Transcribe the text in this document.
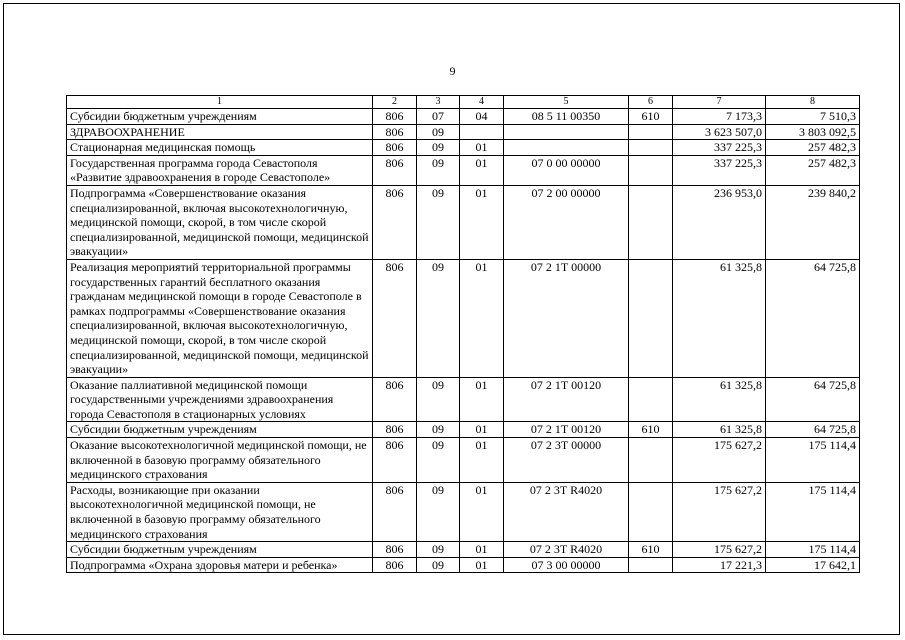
9
1	2	3	4	5	6	7	8
Субсидии бюджетным учреждениям	806	07	04	08 5 11 00350	610	7 173,3	7 510,3
ЗДРАВООХРАНЕНИЕ	806	09				3 623 507,0	3 803 092,5
Стационарная медицинская помощь	806	09	01			337 225,3	257 482,3
Государственная программа города Севастополя «Развитие здравоохранения в городе Севастополе»	806	09	01	07 0 00 00000		337 225,3	257 482,3
Подпрограмма «Совершенствование оказания специализированной, включая высокотехнологичную, медицинской помощи, скорой, в том числе скорой специализированной, медицинской помощи, медицинской эвакуации»	806	09	01	07 2 00 00000		236 953,0	239 840,2
Реализация мероприятий территориальной программы государственных гарантий бесплатного оказания гражданам медицинской помощи в городе Севастополе в рамках подпрограммы «Совершенствование оказания специализированной, включая высокотехнологичную, медицинской помощи, скорой, в том числе скорой специализированной, медицинской помощи, медицинской эвакуации»	806	09	01	07 2 1Т 00000		61 325,8	64 725,8
Оказание паллиативной медицинской помощи государственными учреждениями здравоохранения города Севастополя в стационарных условиях	806	09	01	07 2 1Т 00120		61 325,8	64 725,8
Субсидии бюджетным учреждениям	806	09	01	07 2 1Т 00120	610	61 325,8	64 725,8
Оказание высокотехнологичной медицинской помощи, не включенной в базовую программу обязательного медицинского страхования	806	09	01	07 2 3Т 00000		175 627,2	175 114,4
Расходы, возникающие при оказании высокотехнологичной медицинской помощи, не включенной в базовую программу обязательного медицинского страхования	806	09	01	07 2 3Т R4020		175 627,2	175 114,4
Субсидии бюджетным учреждениям	806	09	01	07 2 3Т R4020	610	175 627,2	175 114,4
Подпрограмма «Охрана здоровья матери и ребенка»	806	09	01	07 3 00 00000		17 221,3	17 642,1
